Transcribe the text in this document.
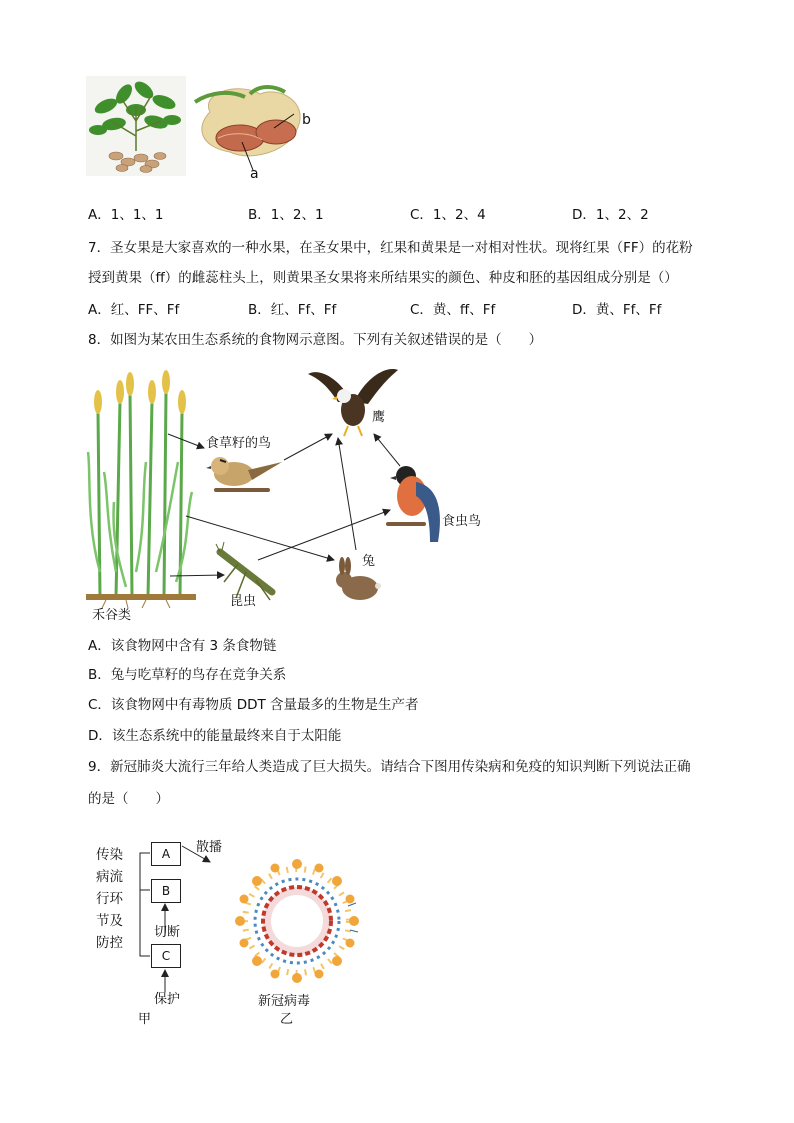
b
a
A．1、1、1	B．1、2、1	C．1、2、4	D．1、2、2
7．圣女果是大家喜欢的一种水果，在圣女果中，红果和黄果是一对相对性状。现将红果（FF）的花粉
授到黄果（ff）的雌蕊柱头上，则黄果圣女果将来所结果实的颜色、种皮和胚的基因组成分别是（）
A．红、FF、Ff	B．红、Ff、Ff	C．黄、ff、Ff	D．黄、Ff、Ff
8．如图为某农田生态系统的食物网示意图。下列有关叙述错误的是（　　）
禾谷类
鹰
食草籽的鸟
食虫鸟
兔
昆虫
A．该食物网中含有 3 条食物链
B．兔与吃草籽的鸟存在竞争关系
C．该食物网中有毒物质 DDT 含量最多的生物是生产者
D．该生态系统中的能量最终来自于太阳能
9．新冠肺炎大流行三年给人类造成了巨大损失。请结合下图用传染病和免疫的知识判断下列说法正确
的是（　　）
传染
病流
行环
节及
防控
A
B
C
散播
切断
保护
甲
新冠病毒
乙
